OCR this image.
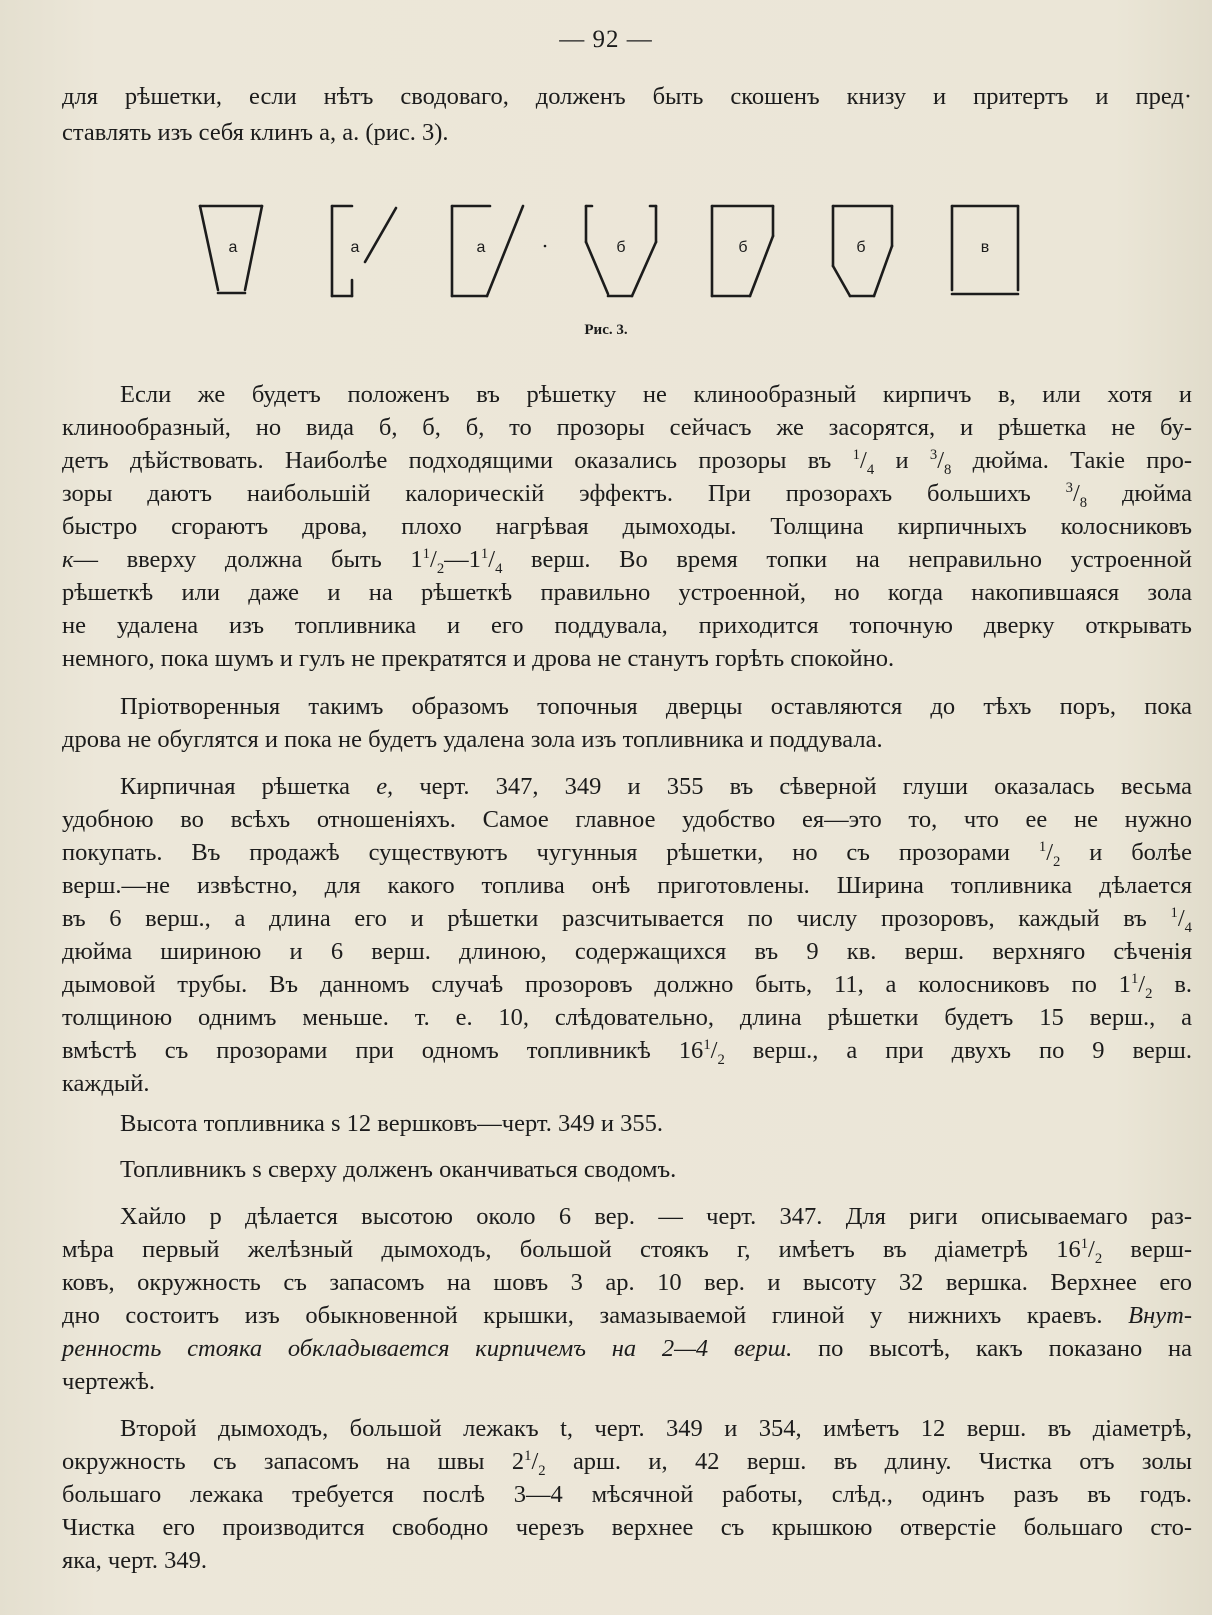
— 92 —
для рѣшетки, если нѣтъ сводоваго, долженъ быть скошенъ книзу и притертъ и пред·
ставлять изъ себя клинъ а, а. (рис. 3).
а	а	а	б	б	б	в
Рис. 3.
Если же будетъ положенъ въ рѣшетку не клинообразный кирпичъ в, или хотя и
клинообразный, но вида б, б, б, то прозоры сейчасъ же засорятся, и рѣшетка не бу-
детъ дѣйствовать. Наиболѣе подходящими оказались прозоры въ $^1/_4$ и $^3/_8$ дюйма. Такіе про-
зоры даютъ наибольшій калорическій эффектъ. При прозорахъ большихъ $^3/_8$ дюйма
быстро сгораютъ дрова, плохо нагрѣвая дымоходы. Толщина кирпичныхъ колосниковъ
к— вверху должна быть $1^1/_2—1^1/_4$ верш. Во время топки на неправильно устроенной
рѣшеткѣ или даже и на рѣшеткѣ правильно устроенной, но когда накопившаяся зола
не удалена изъ топливника и его поддувала, приходится топочную дверку открывать
немного, пока шумъ и гулъ не прекратятся и дрова не станутъ горѣть спокойно.
Пріотворенныя такимъ образомъ топочныя дверцы оставляются до тѣхъ поръ, пока
дрова не обуглятся и пока не будетъ удалена зола изъ топливника и поддувала.
Кирпичная рѣшетка е, черт. 347, 349 и 355 въ сѣверной глуши оказалась весьма
удобною во всѣхъ отношеніяхъ. Самое главное удобство ея—это то, что ее не нужно
покупать. Въ продажѣ существуютъ чугунныя рѣшетки, но съ прозорами $^1/_2$ и болѣе
верш.—не извѣстно, для какого топлива онѣ приготовлены. Ширина топливника дѣлается
въ 6 верш., а длина его и рѣшетки разсчитывается по числу прозоровъ, каждый въ $^1/_4$
дюйма шириною и 6 верш. длиною, содержащихся въ 9 кв. верш. верхняго сѣченія
дымовой трубы. Въ данномъ случаѣ прозоровъ должно быть, 11, а колосниковъ по $1^1/_2$ в.
толщиною однимъ меньше. т. е. 10, слѣдовательно, длина рѣшетки будетъ 15 верш., а
вмѣстѣ съ прозорами при одномъ топливникѣ $16^1/_2$ верш., а при двухъ по 9 верш.
каждый.
Высота топливника s 12 вершковъ—черт. 349 и 355.
Топливникъ s сверху долженъ оканчиваться сводомъ.
Хайло р дѣлается высотою около 6 вер. — черт. 347. Для риги описываемаго раз-
мѣра первый желѣзный дымоходъ, большой стоякъ г, имѣетъ въ діаметрѣ $16^1/_2$ верш-
ковъ, окружность съ запасомъ на шовъ 3 ар. 10 вер. и высоту 32 вершка. Верхнее его
дно состоитъ изъ обыкновенной крышки, замазываемой глиной у нижнихъ краевъ. Внут-
ренность стояка обкладывается кирпичемъ на 2—4 верш. по высотѣ, какъ показано на
чертежѣ.
Второй дымоходъ, большой лежакъ t, черт. 349 и 354, имѣетъ 12 верш. въ діаметрѣ,
окружность съ запасомъ на швы $2^1/_2$ арш. и, 42 верш. въ длину. Чистка отъ золы
большаго лежака требуется послѣ 3—4 мѣсячной работы, слѣд., одинъ разъ въ годъ.
Чистка его производится свободно черезъ верхнее съ крышкою отверстіе большаго сто-
яка, черт. 349.
